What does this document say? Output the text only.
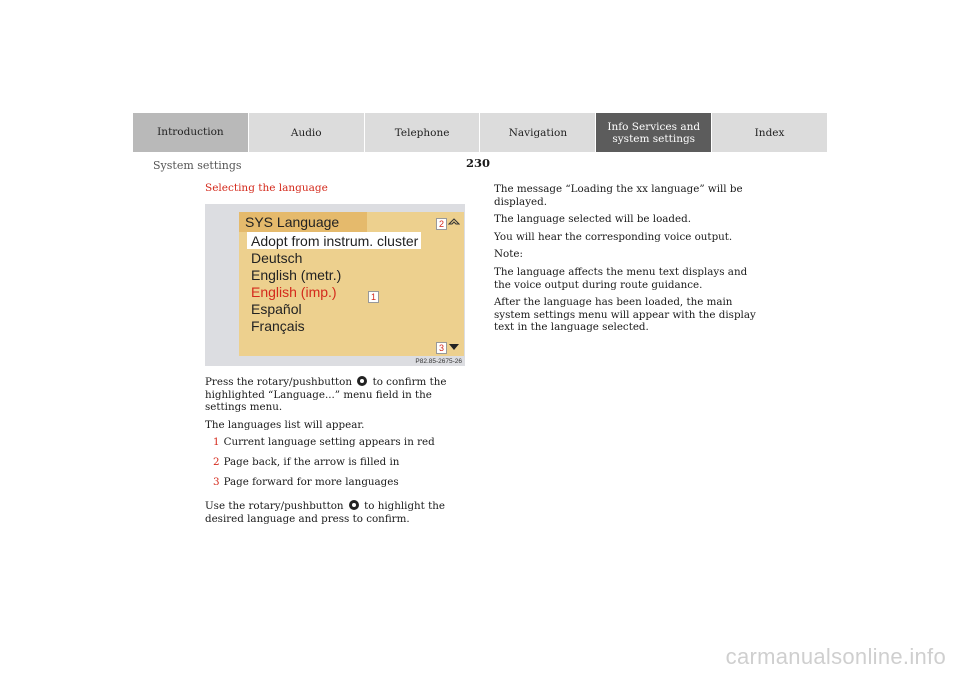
Introduction	Audio	Telephone	Navigation	Info Services and system settings	Index
230
System settings
Selecting the language
SYS Language
Adopt from instrum. cluster
Deutsch
English (metr.)
English (imp.)
Español
Français
1
2
3
P82.85-2675-26

Press the rotary/pushbutton to confirm the highlighted “Language...” menu field in the settings menu.

The languages list will appear.

1 Current language setting appears in red
2 Page back, if the arrow is filled in
3 Page forward for more languages

Use the rotary/pushbutton to highlight the desired language and press to confirm.

The message “Loading the xx language” will be displayed.

The language selected will be loaded.

You will hear the corresponding voice output.

Note:

The language affects the menu text displays and the voice output during route guidance.

After the language has been loaded, the main system settings menu will appear with the display text in the language selected.

carmanualsonline.info
